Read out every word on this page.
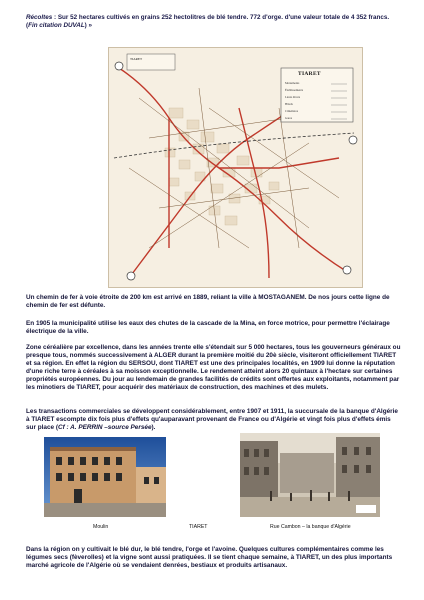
Récoltes : Sur 52 hectares cultivés en grains 252 hectolitres de blé tendre. 772 d'orge. d'une valeur totale de 4 352 francs. (Fin citation DUVAL) »

TIARET
TIARET
Monuments
Établissements
Lieux divers
Hôtels
Cimetières
Gares

Un chemin de fer à voie étroite de 200 km est arrivé en 1889, reliant la ville à MOSTAGANEM. De nos jours cette ligne de chemin de fer est défunte.

En 1905 la municipalité utilise les eaux des chutes de la cascade de la Mina, en force motrice, pour permettre l'éclairage électrique de la ville.

Zone céréalière par excellence, dans les années trente elle s'étendait sur 5 000 hectares, tous les gouverneurs généraux ou presque tous, nommés successivement à ALGER durant la première moitié du 20è siècle, visiteront officiellement TIARET et sa région. En effet la région du SERSOU, dont TIARET est une des principales localités, en 1909 lui donne la réputation d'une riche terre à céréales à sa moisson exceptionnelle. Le rendement atteint alors 20 quintaux à l'hectare sur certaines propriétés européennes. Du jour au lendemain de grandes facilités de crédits sont offertes aux exploitants, notamment par les minotiers de TIARET, pour acquérir des matériaux de construction, des machines et des mulets.

Les transactions commerciales se développent considérablement, entre 1907 et 1911, la succursale de la banque d'Algérie à TIARET escompte dix fois plus d'effets qu'auparavant provenant de France ou d'Algérie et vingt fois plus d'effets émis sur place (Cf : A. PERRIN –source Persée).

Moulin	TIARET	Rue Cambon – la banque d'Algérie

Dans la région on y cultivait le blé dur, le blé tendre, l'orge et l'avoine. Quelques cultures complémentaires comme les légumes secs (fèverolles) et la vigne sont aussi pratiquées. Il se tient chaque semaine, à TIARET, un des plus importants marché agricole de l'Algérie où se vendaient denrées, bestiaux et produits artisanaux.
